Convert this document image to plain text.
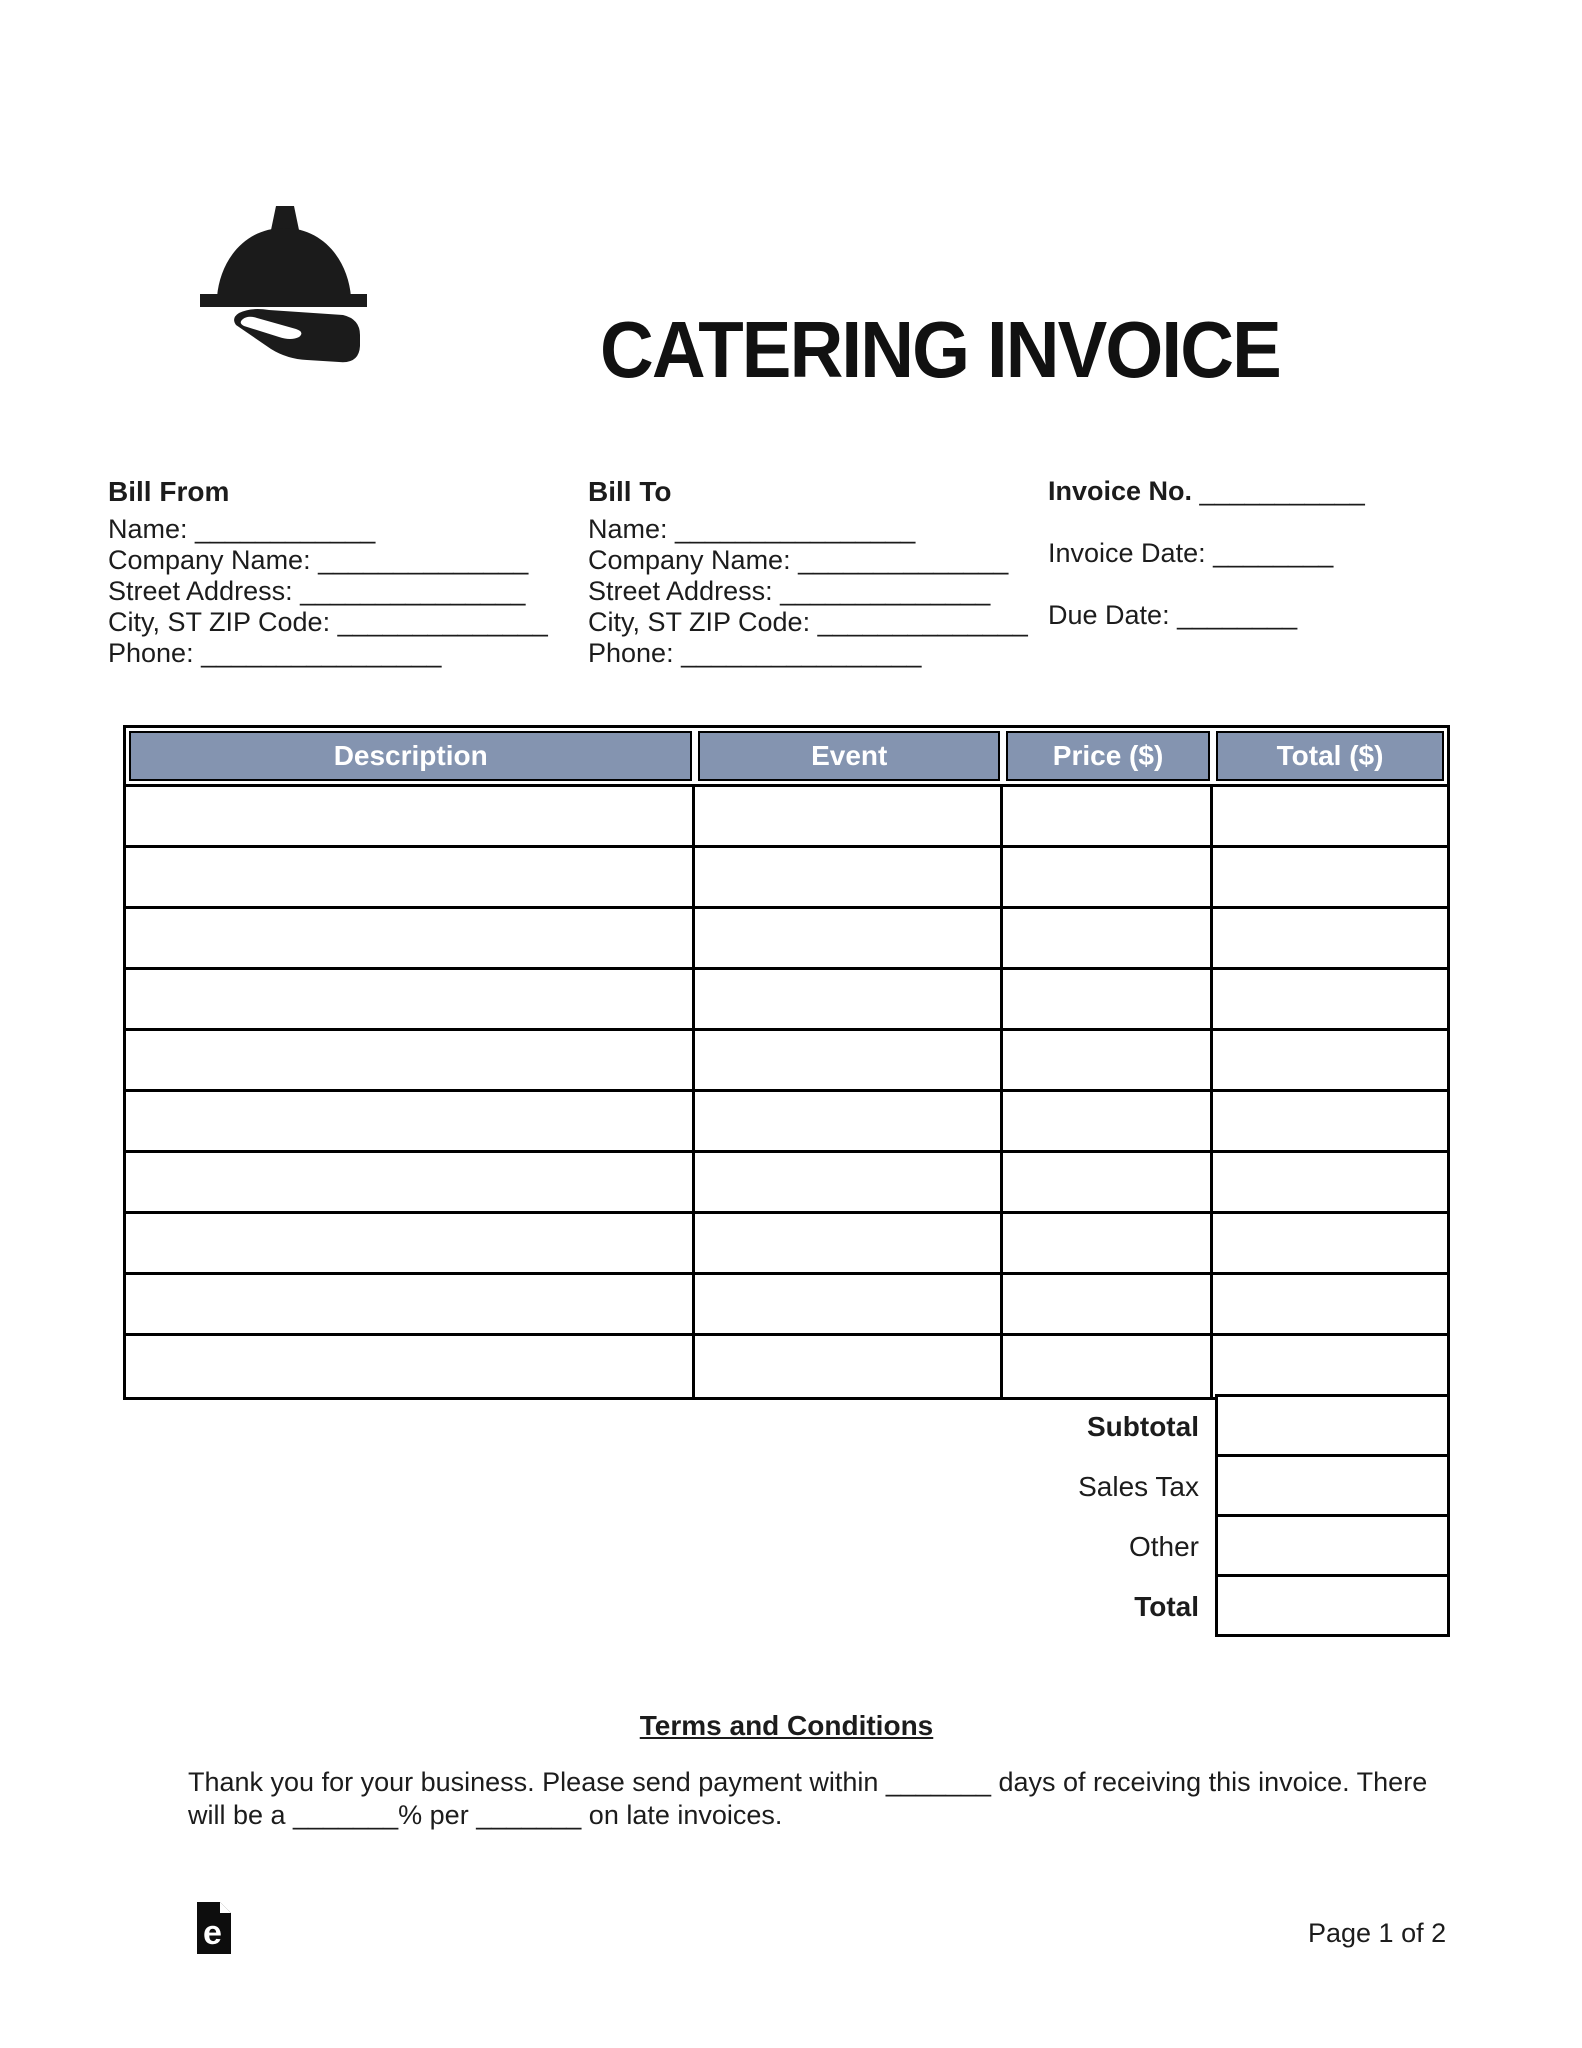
CATERING INVOICE
Bill From
Name: ____________
Company Name: ______________
Street Address: _______________
City, ST ZIP Code: ______________
Phone: ________________
Bill To
Name: ________________
Company Name: ______________
Street Address: ______________
City, ST ZIP Code: ______________
Phone: ________________
Invoice No. ___________
Invoice Date: ________
Due Date: ________
Description	Event	Price ($)	Total ($)
Subtotal
Sales Tax
Other
Total
Terms and Conditions
Thank you for your business. Please send payment within _______ days of receiving this invoice. There
will be a _______% per _______ on late invoices.
e	Page 1 of 2
